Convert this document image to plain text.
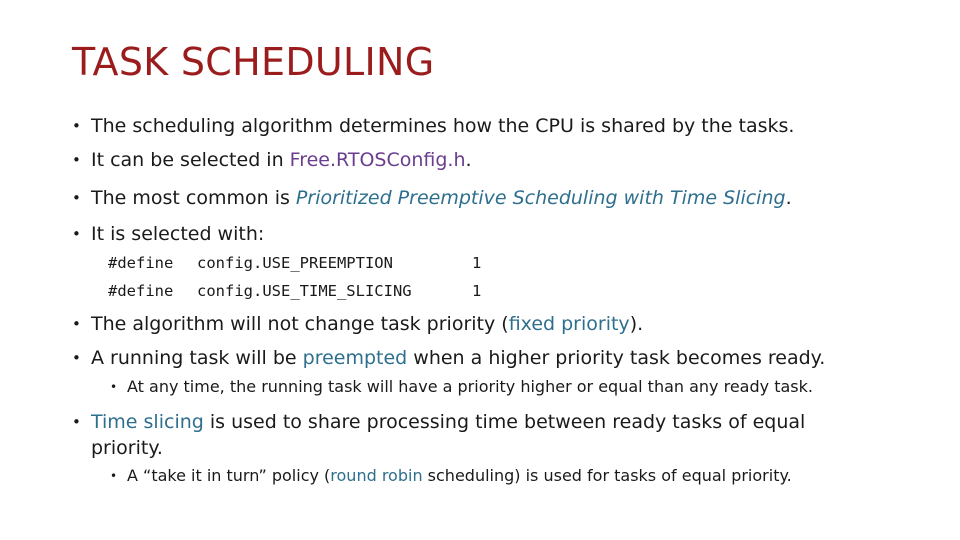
TASK SCHEDULING
• The scheduling algorithm determines how the CPU is shared by the tasks.
• It can be selected in Free.RTOSConfig.h.
• The most common is Prioritized Preemptive Scheduling with Time Slicing.
• It is selected with:
#define config.USE_PREEMPTION	1
#define config.USE_TIME_SLICING	1
• The algorithm will not change task priority (fixed priority).
• A running task will be preempted when a higher priority task becomes ready.
• At any time, the running task will have a priority higher or equal than any ready task.
• Time slicing is used to share processing time between ready tasks of equal
priority.
• A “take it in turn” policy (round robin scheduling) is used for tasks of equal priority.
